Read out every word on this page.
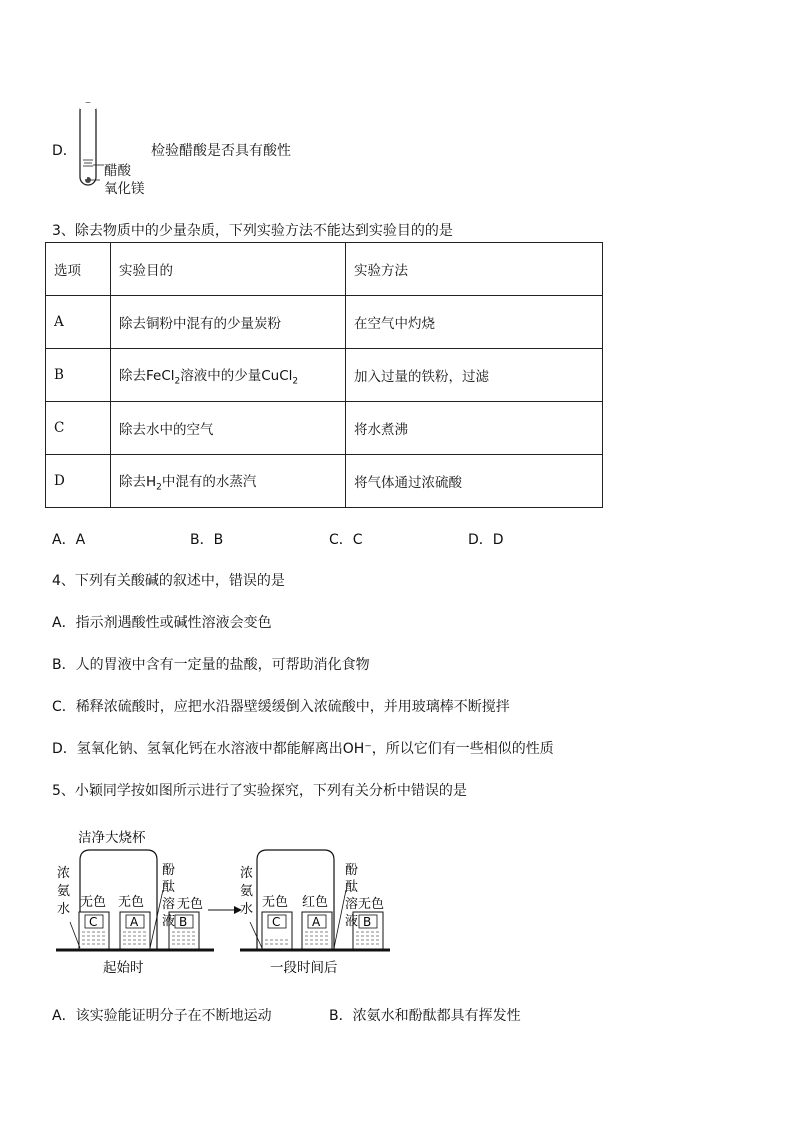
D．
醋酸
氧化镁
检验醋酸是否具有酸性
3、除去物质中的少量杂质，下列实验方法不能达到实验目的的是
选项	实验目的	实验方法
A	除去铜粉中混有的少量炭粉	在空气中灼烧
B	除去FeCl$_2$溶液中的少量CuCl$_2$	加入过量的铁粉，过滤
C	除去水中的空气	将水煮沸
D	除去$H_2$中混有的水蒸汽	将气体通过浓硫酸
A．A	B．B	C．C	D．D
4、下列有关酸碱的叙述中，错误的是
A．指示剂遇酸性或碱性溶液会变色
B．人的胃液中含有一定量的盐酸，可帮助消化食物
C．稀释浓硫酸时，应把水沿器壁缓缓倒入浓硫酸中，并用玻璃棒不断搅拌
D．氢氧化钠、氢氧化钙在水溶液中都能解离出OH⁻，所以它们有一些相似的性质
5、小颖同学按如图所示进行了实验探究，下列有关分析中错误的是
洁净大烧杯
C	A	B
浓
氨
水
酚
酞
溶
液
无色 无色	无色
起始时
C	A	B
浓
氨
水
酚
酞
溶
液
无色 红色 无色
一段时间后
A．该实验能证明分子在不断地运动	B．浓氨水和酚酞都具有挥发性
